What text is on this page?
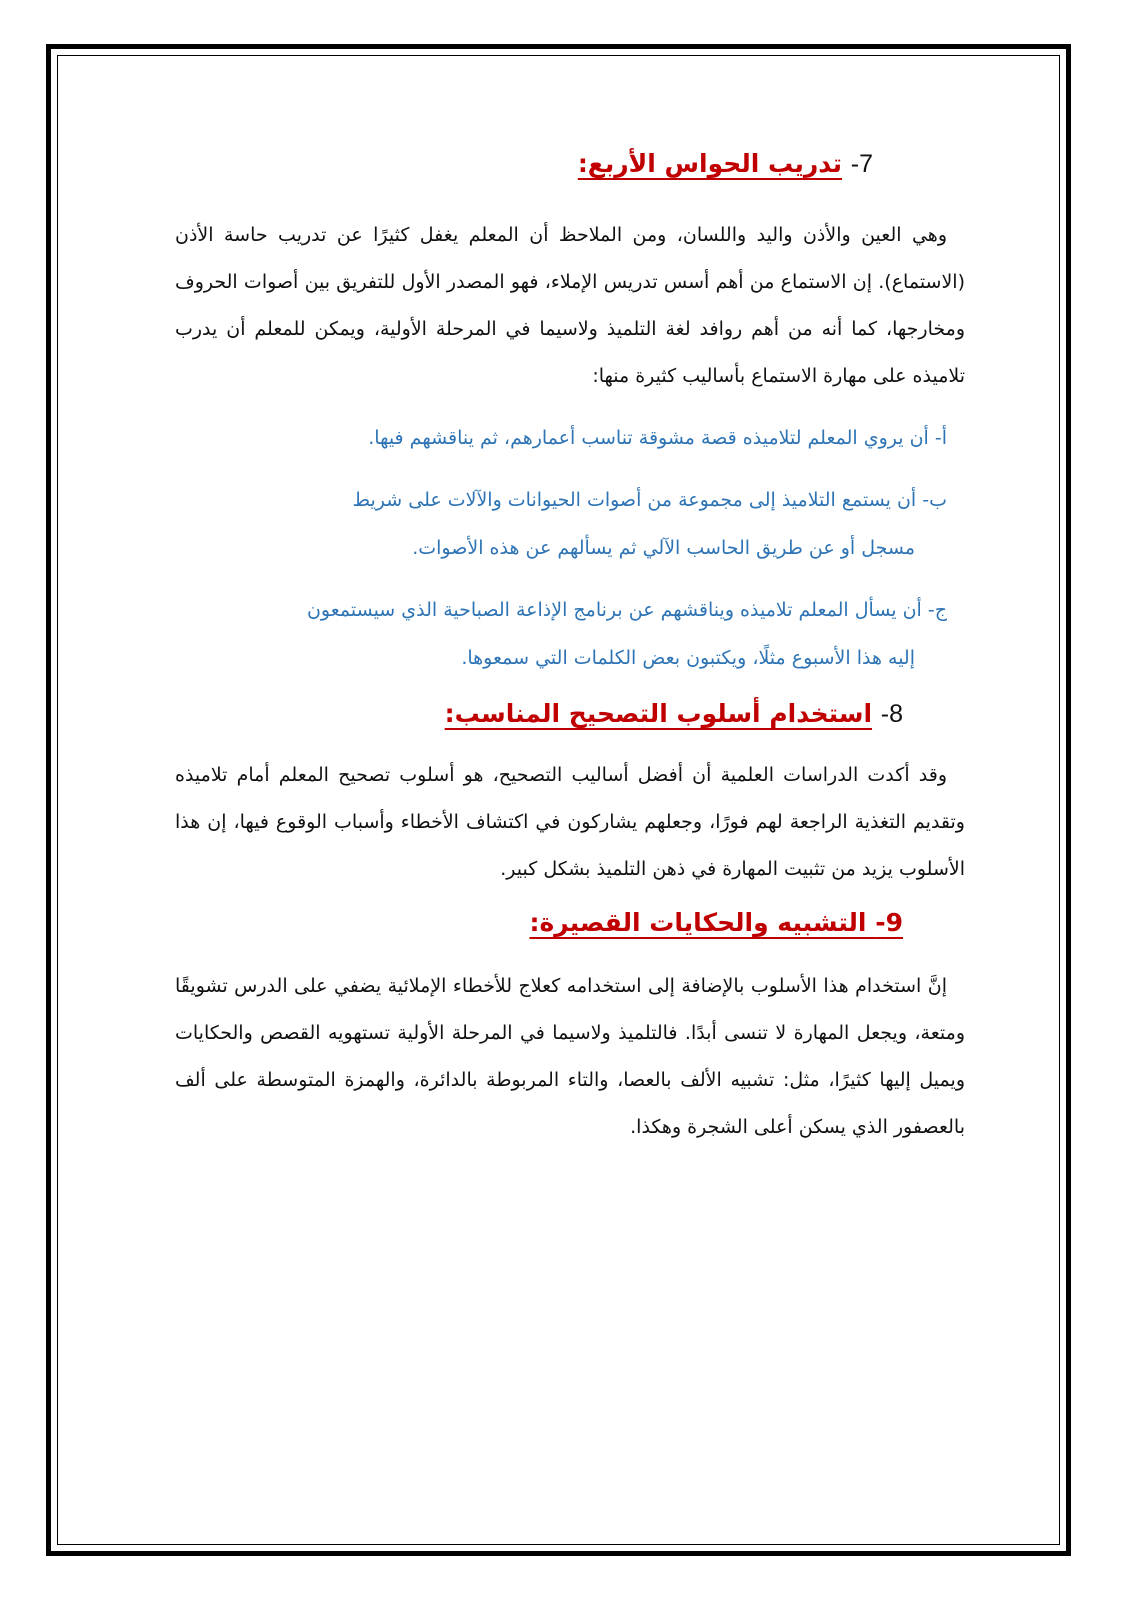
7- تدريب الحواس الأربع:

وهي العين والأذن واليد واللسان، ومن الملاحظ أن المعلم يغفل كثيرًا عن تدريب حاسة الأذن (الاستماع). إن الاستماع من أهم أسس تدريس الإملاء، فهو المصدر الأول للتفريق بين أصوات الحروف ومخارجها، كما أنه من أهم روافد لغة التلميذ ولاسيما في المرحلة الأولية، ويمكن للمعلم أن يدرب تلاميذه على مهارة الاستماع بأساليب كثيرة منها:

أ- أن يروي المعلم لتلاميذه قصة مشوقة تناسب أعمارهم، ثم يناقشهم فيها.

ب- أن يستمع التلاميذ إلى مجموعة من أصوات الحيوانات والآلات على شريط
مسجل أو عن طريق الحاسب الآلي ثم يسألهم عن هذه الأصوات.

ج- أن يسأل المعلم تلاميذه ويناقشهم عن برنامج الإذاعة الصباحية الذي سيستمعون
إليه هذا الأسبوع مثلًا، ويكتبون بعض الكلمات التي سمعوها.

8- استخدام أسلوب التصحيح المناسب:

وقد أكدت الدراسات العلمية أن أفضل أساليب التصحيح، هو أسلوب تصحيح المعلم أمام تلاميذه وتقديم التغذية الراجعة لهم فورًا، وجعلهم يشاركون في اكتشاف الأخطاء وأسباب الوقوع فيها، إن هذا الأسلوب يزيد من تثبيت المهارة في ذهن التلميذ بشكل كبير.

9- التشبيه والحكايات القصيرة:

إنَّ استخدام هذا الأسلوب بالإضافة إلى استخدامه كعلاج للأخطاء الإملائية يضفي على الدرس تشويقًا ومتعة، ويجعل المهارة لا تنسى أبدًا. فالتلميذ ولاسيما في المرحلة الأولية تستهويه القصص والحكايات ويميل إليها كثيرًا، مثل: تشبيه الألف بالعصا، والتاء المربوطة بالدائرة، والهمزة المتوسطة على ألف بالعصفور الذي يسكن أعلى الشجرة وهكذا.
